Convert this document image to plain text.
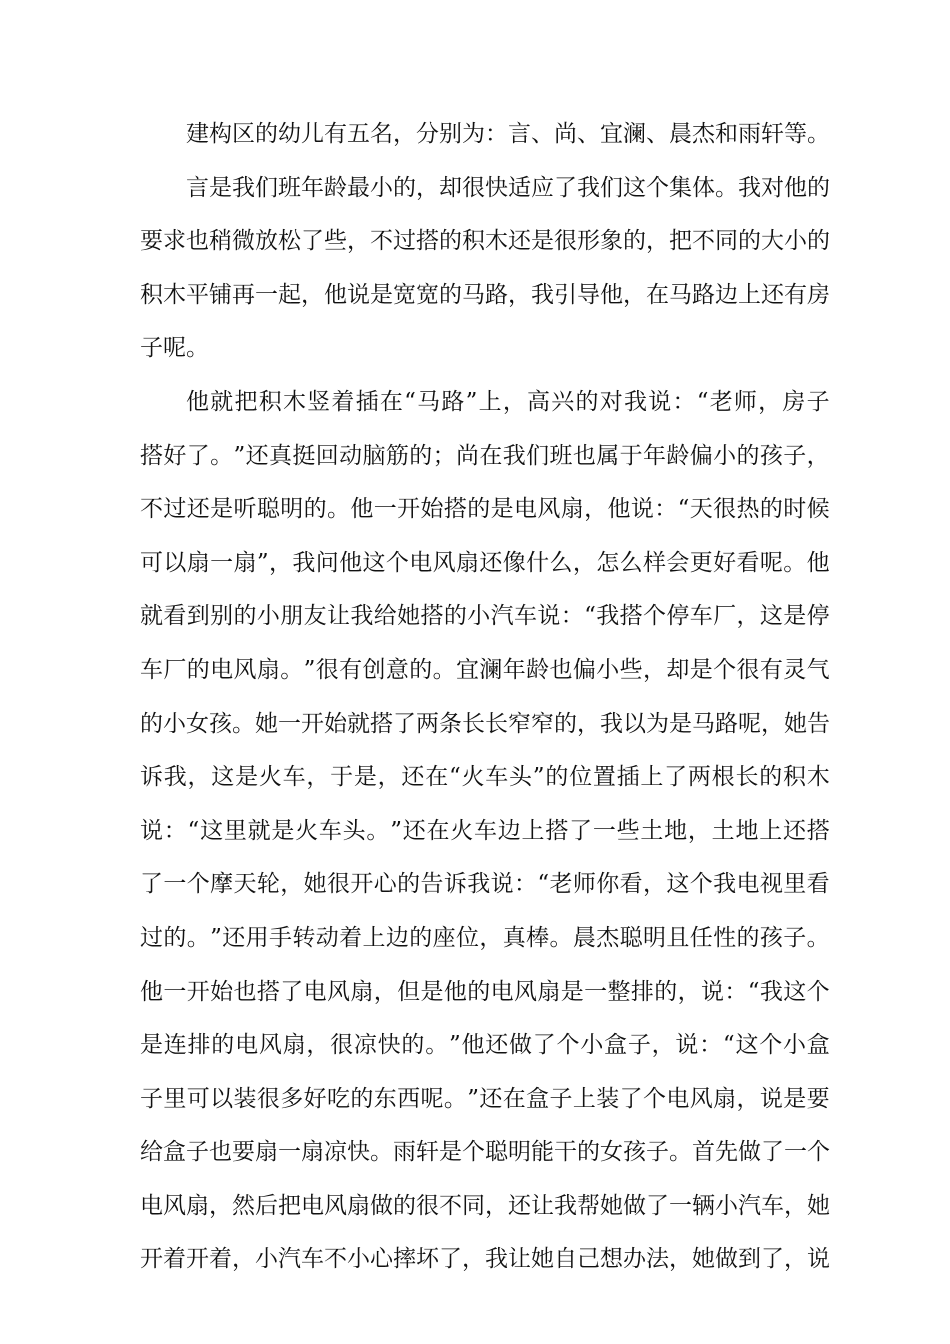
建构区的幼儿有五名，分别为：言、尚、宜澜、晨杰和雨轩等。
言 是 我 们 班 年 龄 最 小 的 ， 却 很 快 适 应 了 我 们 这 个 集 体 。 我 对 他 的
要 求 也 稍 微 放 松 了 些 ， 不 过 搭 的 积 木 还 是 很 形 象 的 ， 把 不 同 的 大 小 的
积 木 平 铺 再 一 起 ， 他 说 是 宽 宽 的 马 路 ， 我 引 导 他 ， 在 马 路 边 上 还 有 房
子呢。
他 就 把 积 木 竖 着 插 在 “ 马 路 ” 上 ， 高 兴 的 对 我 说 ： “ 老 师 ， 房 子
搭 好 了 。 ” 还 真 挺 回 动 脑 筋 的 ； 尚 在 我 们 班 也 属 于 年 龄 偏 小 的 孩 子 ，
不 过 还 是 听 聪 明 的 。 他 一 开 始 搭 的 是 电 风 扇 ， 他 说 ： “ 天 很 热 的 时 候
可 以 扇 一 扇 ” ， 我 问 他 这 个 电 风 扇 还 像 什 么 ， 怎 么 样 会 更 好 看 呢 。 他
就 看 到 别 的 小 朋 友 让 我 给 她 搭 的 小 汽 车 说 ： “ 我 搭 个 停 车 厂 ， 这 是 停
车 厂 的 电 风 扇 。 ” 很 有 创 意 的 。 宜 澜 年 龄 也 偏 小 些 ， 却 是 个 很 有 灵 气
的 小 女 孩 。 她 一 开 始 就 搭 了 两 条 长 长 窄 窄 的 ， 我 以 为 是 马 路 呢 ， 她 告
诉 我 ， 这 是 火 车 ， 于 是 ， 还 在 “ 火 车 头 ” 的 位 置 插 上 了 两 根 长 的 积 木
说 ： “ 这 里 就 是 火 车 头 。 ” 还 在 火 车 边 上 搭 了 一 些 土 地 ， 土 地 上 还 搭
了 一 个 摩 天 轮 ， 她 很 开 心 的 告 诉 我 说 ： “ 老 师 你 看 ， 这 个 我 电 视 里 看
过 的 。 ” 还 用 手 转 动 着 上 边 的 座 位 ， 真 棒 。 晨 杰 聪 明 且 任 性 的 孩 子 。
他 一 开 始 也 搭 了 电 风 扇 ， 但 是 他 的 电 风 扇 是 一 整 排 的 ， 说 ： “ 我 这 个
是 连 排 的 电 风 扇 ， 很 凉 快 的 。 ” 他 还 做 了 个 小 盒 子 ， 说 ： “ 这 个 小 盒
子 里 可 以 装 很 多 好 吃 的 东 西 呢 。 ” 还 在 盒 子 上 装 了 个 电 风 扇 ， 说 是 要
给 盒 子 也 要 扇 一 扇 凉 快 。 雨 轩 是 个 聪 明 能 干 的 女 孩 子 。 首 先 做 了 一 个
电 风 扇 ， 然 后 把 电 风 扇 做 的 很 不 同 ， 还 让 我 帮 她 做 了 一 辆 小 汽 车 ， 她
开着开着，小汽车不小心摔坏了，我让她自己想办法，她做到了，说
